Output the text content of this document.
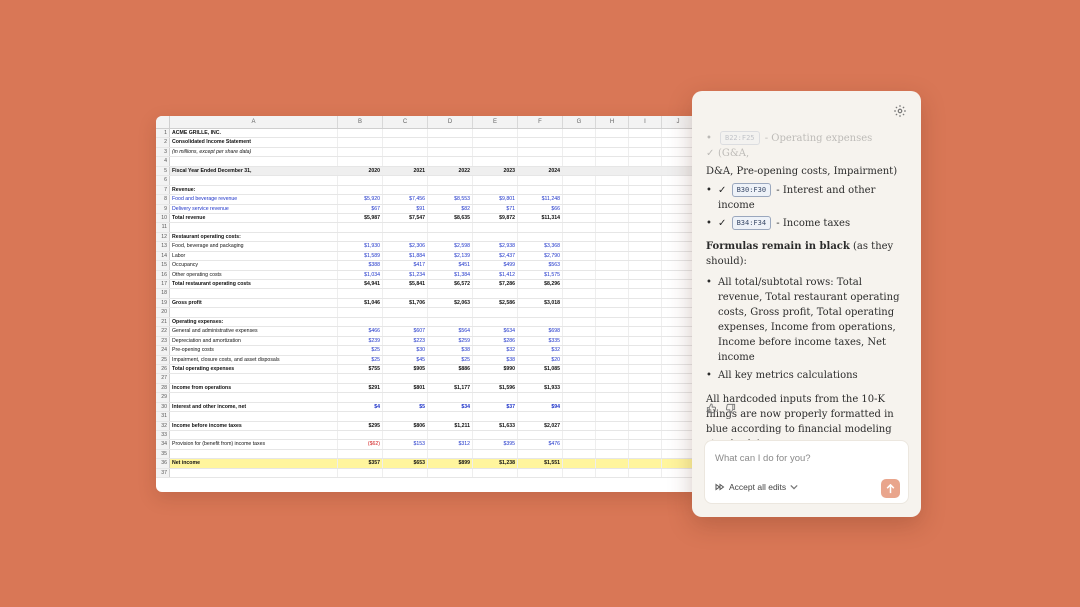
A	B	C	D	E	F	G	H	I	J
1 ACME GRILLE, INC.
2 Consolidated Income Statement
3 (in millions, except per share data)
4
5 Fiscal Year Ended December 31,	2020	2021	2022	2023	2024
6
7 Revenue:
8 Food and beverage revenue	$5,920	$7,456	$8,553	$9,801	$11,248
9 Delivery service revenue	$67	$91	$82	$71	$66
10 Total revenue	$5,987	$7,547	$8,635	$9,872	$11,314
11
12 Restaurant operating costs:
13 Food, beverage and packaging	$1,930	$2,306	$2,598	$2,938	$3,368
14 Labor	$1,589	$1,884	$2,139	$2,437	$2,790
15 Occupancy	$388	$417	$451	$499	$563
16 Other operating costs	$1,034	$1,234	$1,384	$1,412	$1,575
17 Total restaurant operating costs	$4,941	$5,841	$6,572	$7,286	$8,296
18
19 Gross profit	$1,046	$1,706	$2,063	$2,586	$3,018
20
21 Operating expenses:
22 General and administrative expenses	$466	$607	$564	$634	$698
23 Depreciation and amortization	$239	$223	$259	$286	$335
24 Pre-opening costs	$25	$30	$38	$32	$32
25 Impairment, closure costs, and asset disposals	$25	$45	$25	$38	$20
26 Total operating expenses	$755	$905	$886	$990	$1,085
27
28 Income from operations	$291	$801	$1,177	$1,596	$1,933
29
30 Interest and other income, net	$4	$5	$34	$37	$94
31
32 Income before income taxes	$295	$806	$1,211	$1,633	$2,027
33
34 Provision for (benefit from) income taxes	($62)	$153	$312	$395	$476
35
36 Net income	$357	$653	$899	$1,238	$1,551
37
• ✓
B22:F25 - Operating expenses (G&A,
D&A, Pre-opening costs, Impairment)
• ✓ B30:F30 - Interest and other income
• ✓ B34:F34 - Income taxes

Formulas remain in black (as they should):

• All total/subtotal rows: Total revenue, Total restaurant operating costs, Gross profit, Total operating expenses, Income from operations, Income before income taxes, Net income
• All key metrics calculations

All hardcoded inputs from the 10-K filings are now properly formatted in blue according to financial modeling

What can I do for you?
Accept all edits
